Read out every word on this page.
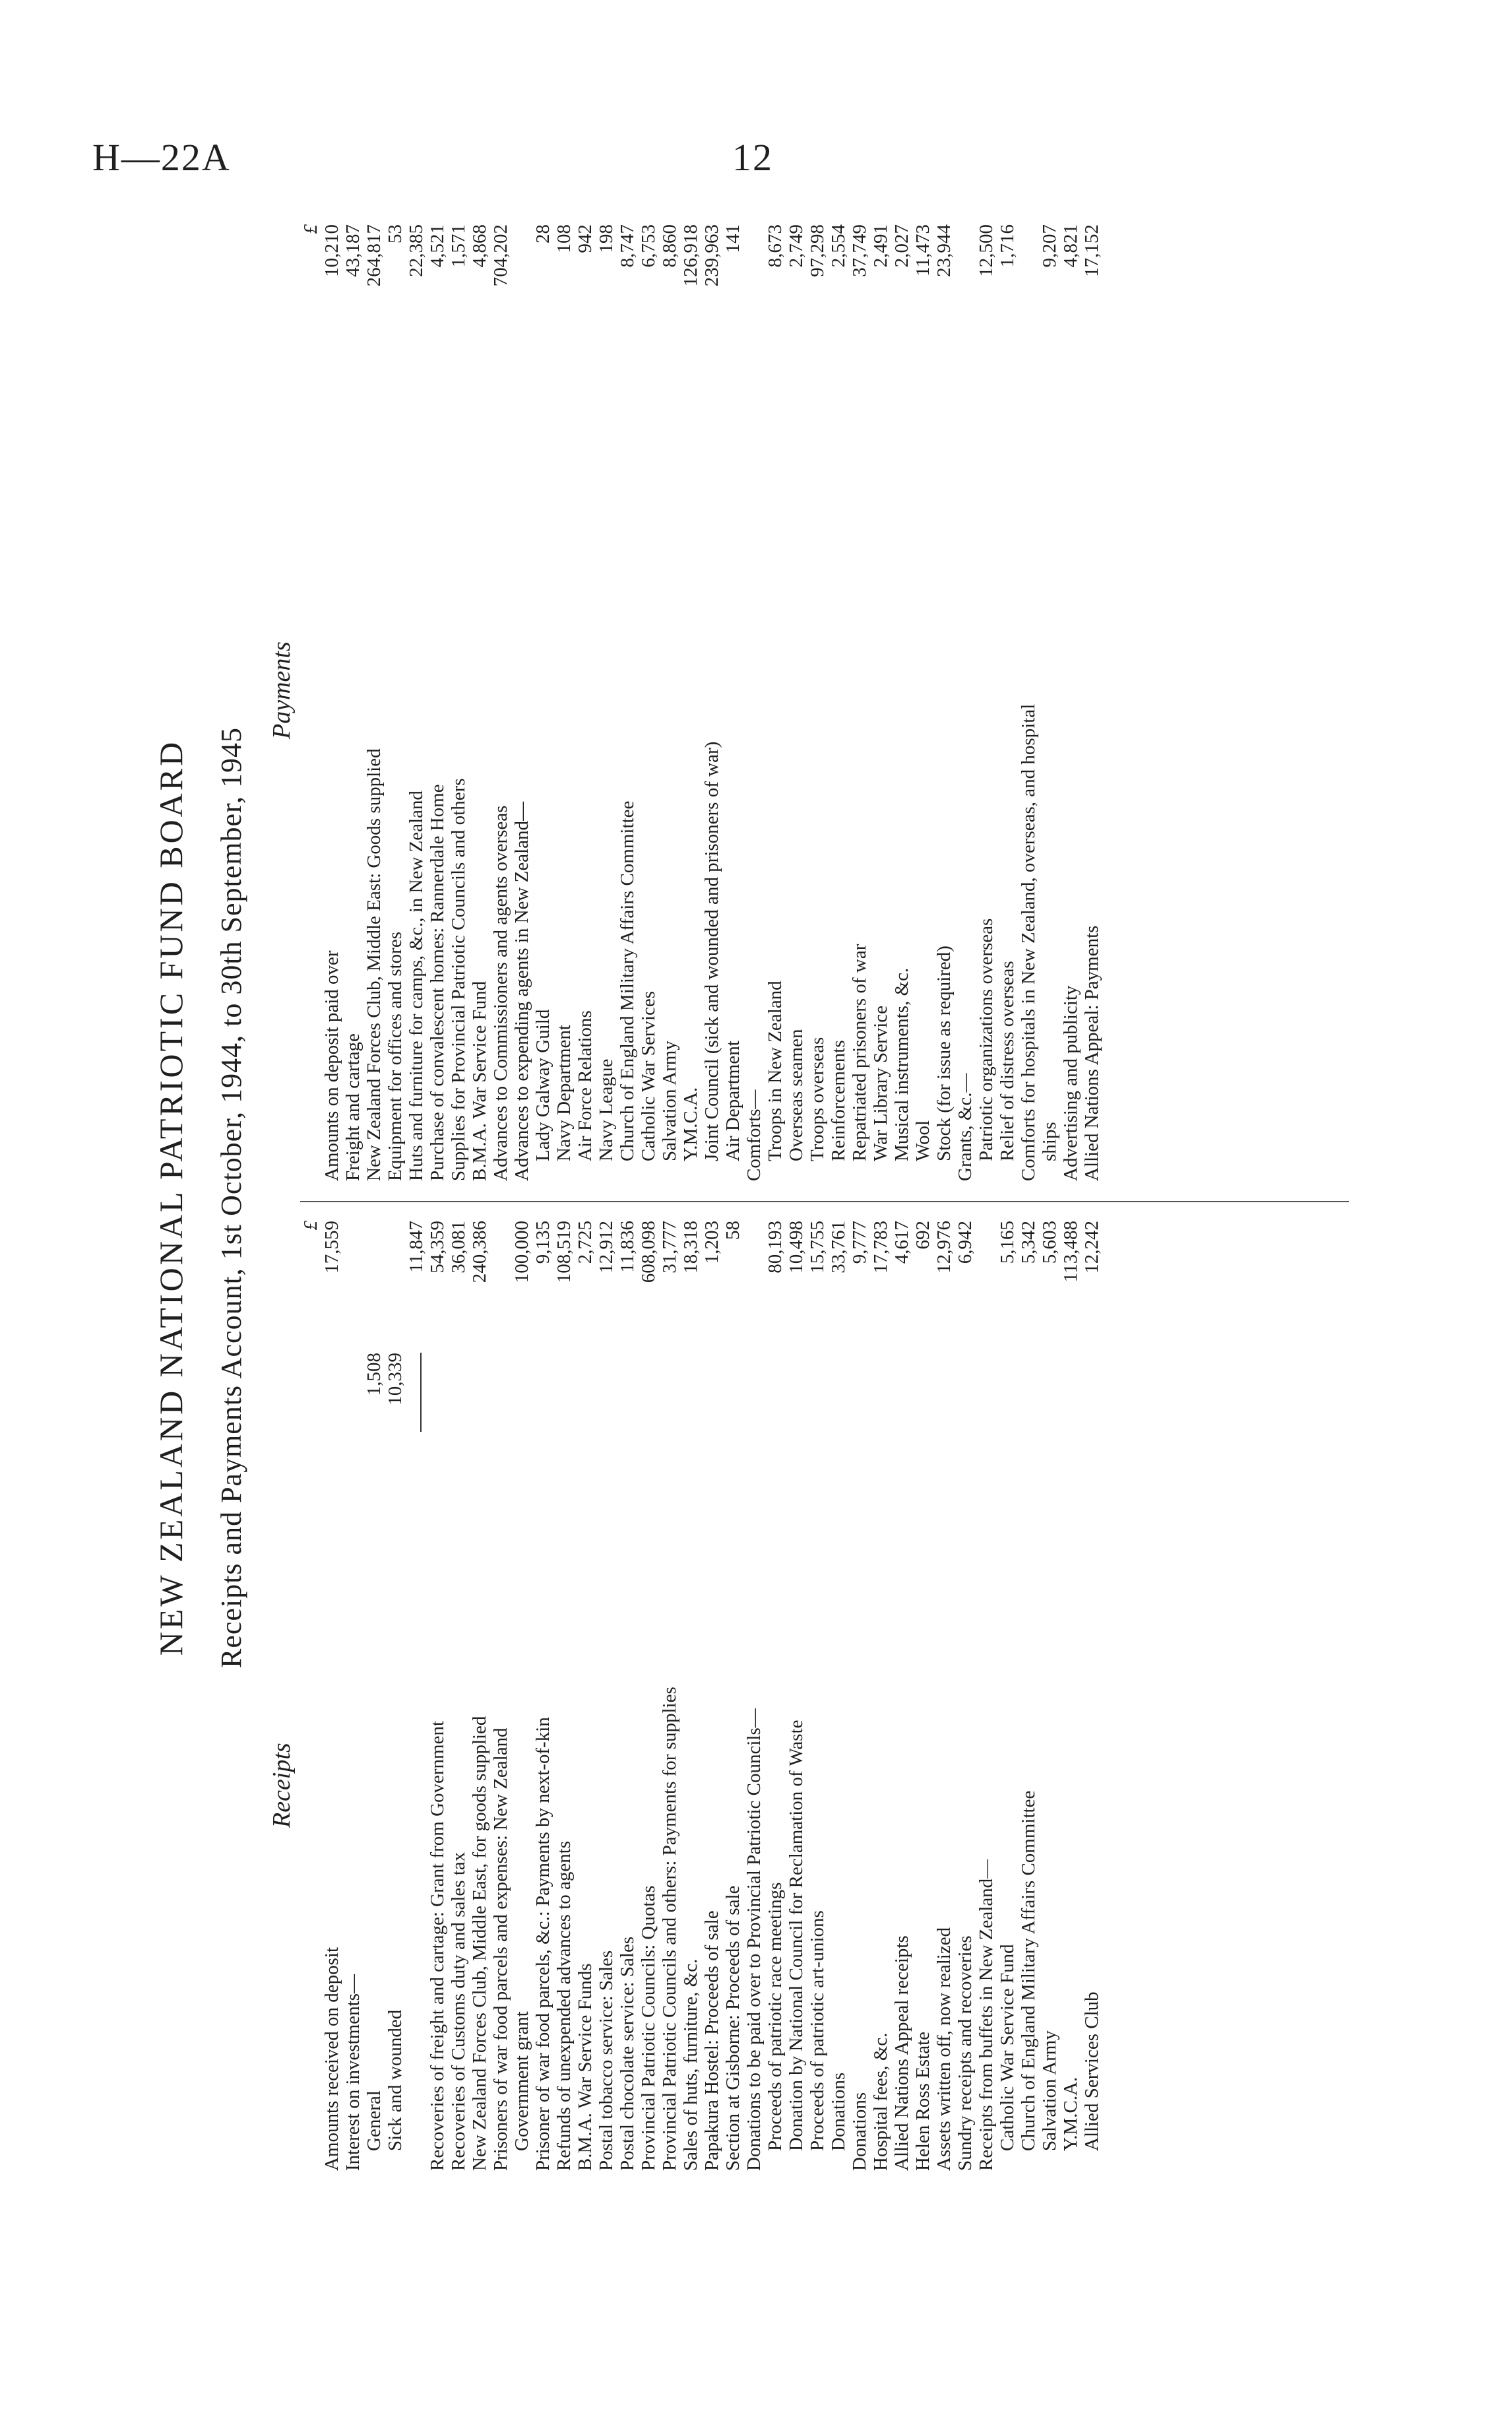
H—22A	12
NEW ZEALAND NATIONAL PATRIOTIC FUND BOARD Receipts and Payments Account, 1st October, 1944, to 30th September, 1945
Receipts
Payments
£
Amounts received on deposit
17,559
Interest on investments— General
1,508
Sick and wounded
10,339
11,847
Recoveries of freight and cartage: Grant from Government
54,359
Recoveries of Customs duty and sales tax
36,081
New Zealand Forces Club, Middle East, for goods supplied
240,386
Prisoners of war food parcels and expenses: New Zealand Government grant
100,000
Prisoner of war food parcels, &c.: Payments by next-of-kin
9,135
Refunds of unexpended advances to agents
108,519
B.M.A. War Service Funds
2,725
Postal tobacco service: Sales
12,912
Postal chocolate service: Sales
11,836
Provincial Patriotic Councils: Quotas
608,098
Provincial Patriotic Councils and others: Payments for supplies
31,777
Sales of huts, furniture, &c.
18,318
Papakura Hostel: Proceeds of sale
1,203
Section at Gisborne: Proceeds of sale
58
Donations to be paid over to Provincial Patriotic Councils— Proceeds of patriotic race meetings
80,193
Donation by National Council for Reclamation of Waste
10,498
Proceeds of patriotic art-unions
15,755
Donations
33,761
Donations
9,777
Hospital fees, &c.
17,783
Allied Nations Appeal receipts
4,617
Helen Ross Estate
692
Assets written off, now realized
12,976
Sundry receipts and recoveries
6,942
Receipts from buffets in New Zealand— Catholic War Service Fund
5,165
Church of England Military Affairs Committee
5,342
Salvation Army
5,603
Y.M.C.A.
113,488
Allied Services Club
12,242
£
Amounts on deposit paid over
10,210
Freight and cartage
43,187
New Zealand Forces Club, Middle East: Goods supplied
264,817
Equipment for offices and stores
53
Huts and furniture for camps, &c., in New Zealand
22,385
Purchase of convalescent homes: Rannerdale Home
4,521
Supplies for Provincial Patriotic Councils and others
1,571
B.M.A. War Service Fund
4,868
Advances to Commissioners and agents overseas
704,202
Advances to expending agents in New Zealand— Lady Galway Guild
28
Navy Department
108
Air Force Relations
942
Navy League
198
Church of England Military Affairs Committee
8,747
Catholic War Services
6,753
Salvation Army
8,860
Y.M.C.A.
126,918
Joint Council (sick and wounded and prisoners of war)
239,963
Air Department
141
Comforts— Troops in New Zealand
8,673
Overseas seamen
2,749
Troops overseas
97,298
Reinforcements
2,554
Repatriated prisoners of war
37,749
War Library Service
2,491
Musical instruments, &c.
2,027
Wool
11,473
Stock (for issue as required)
23,944
Grants, &c.— Patriotic organizations overseas
12,500
Relief of distress overseas
1,716
Comforts for hospitals in New Zealand, overseas, and hospital ships
9,207
Advertising and publicity
4,821
Allied Nations Appeal: Payments
17,152
